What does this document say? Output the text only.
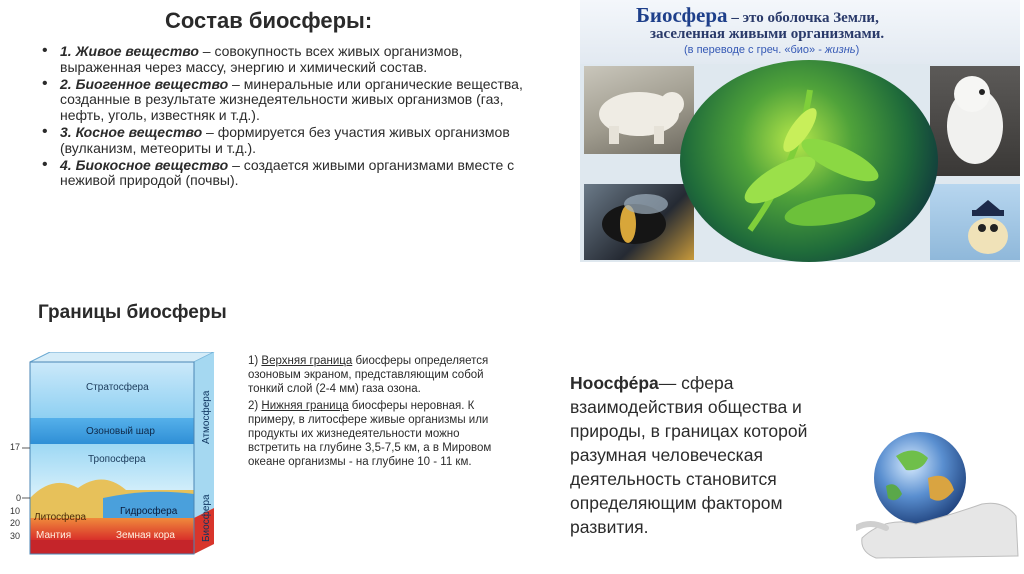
Состав биосферы:
• 1. Живое вещество – совокупность всех живых организмов, выраженная через массу, энергию и химический состав.
• 2. Биогенное вещество – минеральные или органические вещества, созданные в результате жизнедеятельности живых организмов (газ, нефть, уголь, известняк и т.д.).
• 3. Косное вещество – формируется без участия живых организмов (вулканизм, метеориты и т.д.).
• 4. Биокосное вещество – создается живыми организмами вместе с неживой природой (почвы).
Биосфера – это оболочка Земли,
заселенная живыми организмами.
(в переводе с греч. «био» - жизнь)
Границы биосферы
Стратосфера
Озоновый шар
Тропосфера
Литосфера
Гидросфера
Мантия	Земная кора
Атмосфера
Биосфера
17
0
10
20
30

1) Верхняя граница биосферы определяется озоновым экраном, представляющим собой тонкий слой (2-4 мм) газа озона.

2) Нижняя граница биосферы неровная. К примеру, в литосфере живые организмы или продукты их жизнедеятельности можно встретить на глубине 3,5-7,5 км, а в Мировом океане организмы - на глубине 10 - 11 км.

Ноосфе́ра— сфера взаимодействия общества и природы, в границах которой разумная человеческая деятельность становится определяющим фактором развития.
